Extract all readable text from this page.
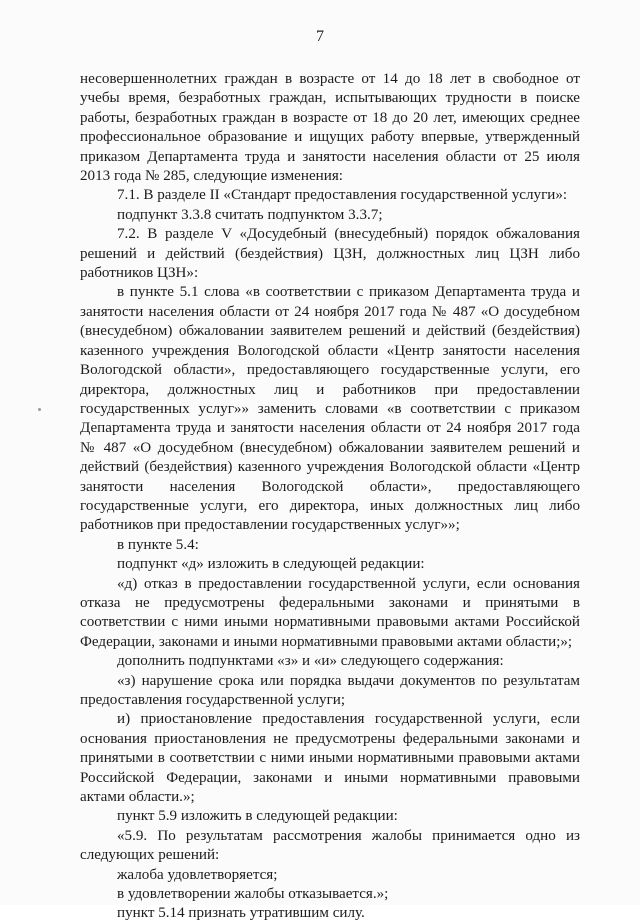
7

несовершеннолетних граждан в возрасте от 14 до 18 лет в свободное от учебы время, безработных граждан, испытывающих трудности в поиске работы, безработных граждан в возрасте от 18 до 20 лет, имеющих среднее профессиональное образование и ищущих работу впервые, утвержденный приказом Департамента труда и занятости населения области от 25 июля 2013 года № 285, следующие изменения:

7.1. В разделе II «Стандарт предоставления государственной услуги»:

подпункт 3.3.8 считать подпунктом 3.3.7;

7.2. В разделе V «Досудебный (внесудебный) порядок обжалования решений и действий (бездействия) ЦЗН, должностных лиц ЦЗН либо работников ЦЗН»:

в пункте 5.1 слова «в соответствии с приказом Департамента труда и занятости населения области от 24 ноября 2017 года № 487 «О досудебном (внесудебном) обжаловании заявителем решений и действий (бездействия) казенного учреждения Вологодской области «Центр занятости населения Вологодской области», предоставляющего государственные услуги, его директора, должностных лиц и работников при предоставлении государственных услуг»» заменить словами «в соответствии с приказом Департамента труда и занятости населения области от 24 ноября 2017 года № 487 «О досудебном (внесудебном) обжаловании заявителем решений и действий (бездействия) казенного учреждения Вологодской области «Центр занятости населения Вологодской области», предоставляющего государственные услуги, его директора, иных должностных лиц либо работников при предоставлении государственных услуг»»;

в пункте 5.4:

подпункт «д» изложить в следующей редакции:

«д) отказ в предоставлении государственной услуги, если основания отказа не предусмотрены федеральными законами и принятыми в соответствии с ними иными нормативными правовыми актами Российской Федерации, законами и иными нормативными правовыми актами области;»;

дополнить подпунктами «з» и «и» следующего содержания:

«з) нарушение срока или порядка выдачи документов по результатам предоставления государственной услуги;

и) приостановление предоставления государственной услуги, если основания приостановления не предусмотрены федеральными законами и принятыми в соответствии с ними иными нормативными правовыми актами Российской Федерации, законами и иными нормативными правовыми актами области.»;

пункт 5.9 изложить в следующей редакции:

«5.9. По результатам рассмотрения жалобы принимается одно из следующих решений:

жалоба удовлетворяется;

в удовлетворении жалобы отказывается.»;

пункт 5.14 признать утратившим силу.
